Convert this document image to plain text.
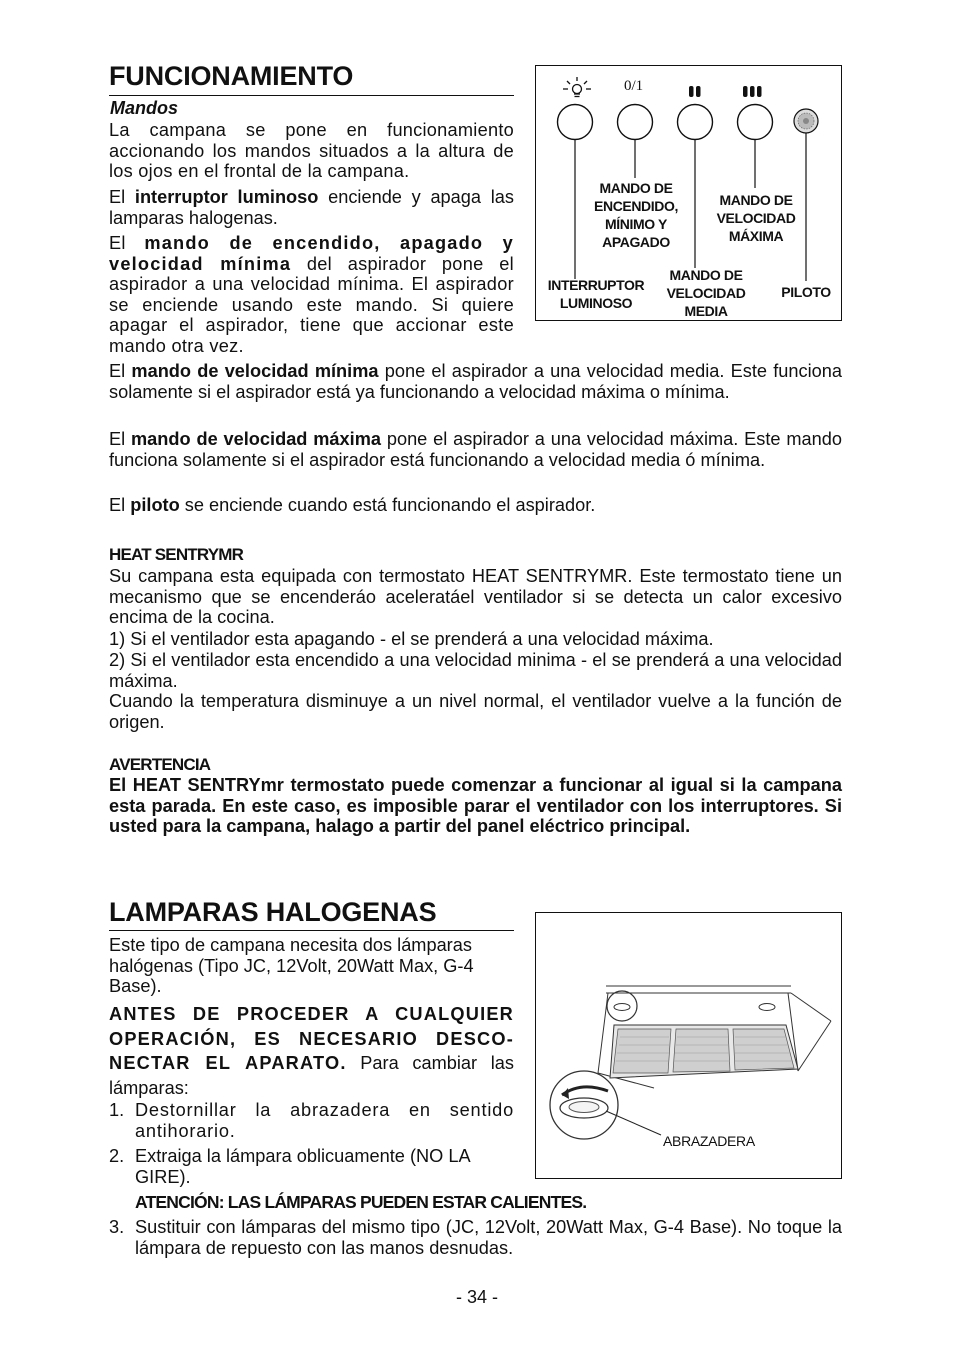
FUNCIONAMIENTO
Mandos

La campana se pone en funcionamiento accionando los mandos situados a la altura de los ojos en el frontal de la campana.

El interruptor luminoso enciende y apaga las lamparas halogenas.

El mando de encendido, apagado y velocidad mínima del aspirador pone el aspirador a una velocidad mínima. El aspirador se enciende usando este mando. Si quiere apagar el aspirador, tiene que accionar este mando otra vez.

El mando de velocidad mínima pone el aspirador a una velocidad media. Este funciona solamente si el aspirador está ya funcionando a velocidad máxima o mínima.

El mando de velocidad máxima pone el aspirador a una velocidad máxima. Este mando funciona solamente si el aspirador está funcionando a velocidad media ó mínima.

El piloto se enciende cuando está funcionando el aspirador.

0/1
MANDO DE ENCENDIDO, MÍNIMO Y APAGADO
MANDO DE VELOCIDAD MÁXIMA
INTERRUPTOR LUMINOSO
MANDO DE VELOCIDAD MEDIA
PILOTO
HEAT SENTRYMR

Su campana esta equipada con termostato HEAT SENTRYMR. Este termostato tiene un mecanismo que se encenderáo aceleratáel ventilador si se detecta un calor excesivo encima de la cocina.

1) Si el ventilador esta apagando - el se prenderá a una velocidad máxima.

2) Si el ventilador esta encendido a una velocidad minima - el se prenderá a una velocidad máxima.

Cuando la temperatura disminuye a un nivel normal, el ventilador vuelve a la función de origen.

AVERTENCIA

El HEAT SENTRYmr termostato puede comenzar a funcionar al igual si la campana esta parada. En este caso, es imposible parar el ventilador con los interruptores. Si usted para la campana, halago a partir del panel eléctrico principal.

LAMPARAS HALOGENAS

Este tipo de campana necesita dos lámparas halógenas (Tipo JC, 12Volt, 20Watt Max, G-4 Base).

ANTES DE PROCEDER A CUALQUIER OPERACIÓN, ES NECESARIO DESCO-NECTAR EL APARATO. Para cambiar las lámparas:

1. Destornillar la abrazadera en sentido antihorario.
2. Extraiga la lámpara oblicuamente (NO LA GIRE).
ATENCIÓN: LAS LÁMPARAS PUEDEN ESTAR CALIENTES.
3. Sustituir con lámparas del mismo tipo (JC, 12Volt, 20Watt Max, G-4 Base). No toque la lámpara de repuesto con las manos desnudas.
ABRAZADERA
- 34 -
